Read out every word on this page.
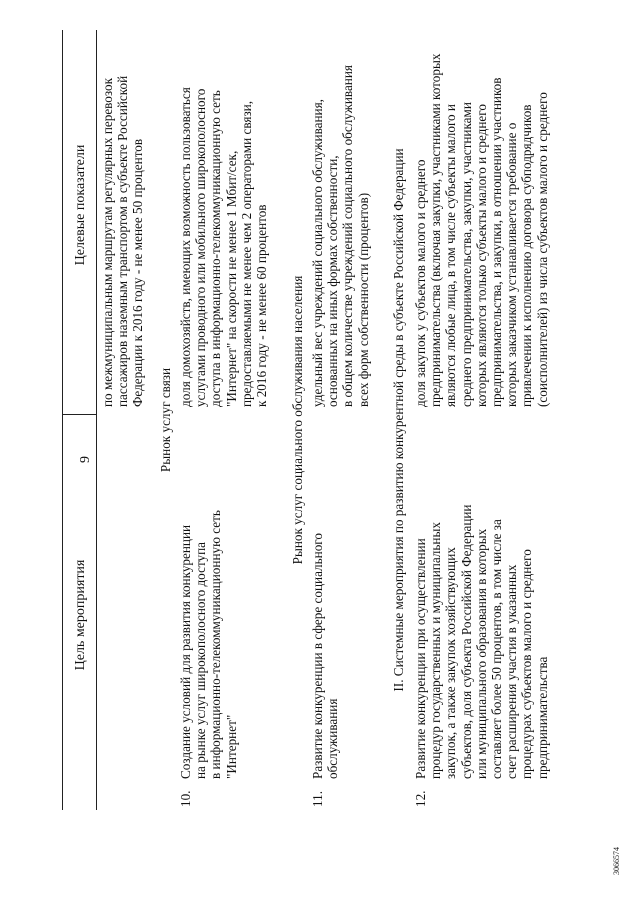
9
Цель мероприятия
Целевые показатели по межмуниципальным маршрутам регулярных перевозок пассажиров наземным транспортом в субъекте Российской Федерации к 2016 году - не менее 50 процентов
Рынок услуг связи
10.
Создание условий для развития конкуренции на рынке услуг широкополосного доступа в информационно-телекоммуникационную сеть "Интернет"
доля домохозяйств, имеющих возможность пользоваться услугами проводного или мобильного широкополосного доступа в информационно-телекоммуникационную сеть "Интернет" на скорости не менее 1 Мбит/сек, предоставляемыми не менее чем 2 операторами связи, к 2016 году - не менее 60 процентов Рынок услуг социального обслуживания населения
11.
Развитие конкуренции в сфере социального обслуживания
удельный вес учреждений социального обслуживания, основанных на иных формах собственности, в общем количестве учреждений социального обслуживания всех форм собственности (процентов) II. Системные мероприятия по развитию конкурентной среды в субъекте Российской Федерации
12.
Развитие конкуренции при осуществлении процедур государственных и муниципальных закупок, а также закупок хозяйствующих субъектов, доля субъекта Российской Федерации или муниципального образования в которых составляет более 50 процентов, в том числе за счет расширения участия в указанных процедурах субъектов малого и среднего предпринимательства
доля закупок у субъектов малого и среднего предпринимательства (включая закупки, участниками которых являются любые лица, в том числе субъекты малого и среднего предпринимательства, закупки, участниками которых являются только субъекты малого и среднего предпринимательства, и закупки, в отношении участников которых заказчиком устанавливается требование о привлечении к исполнению договора субподрядчиков (соисполнителей) из числа субъектов малого и среднего
3066574
